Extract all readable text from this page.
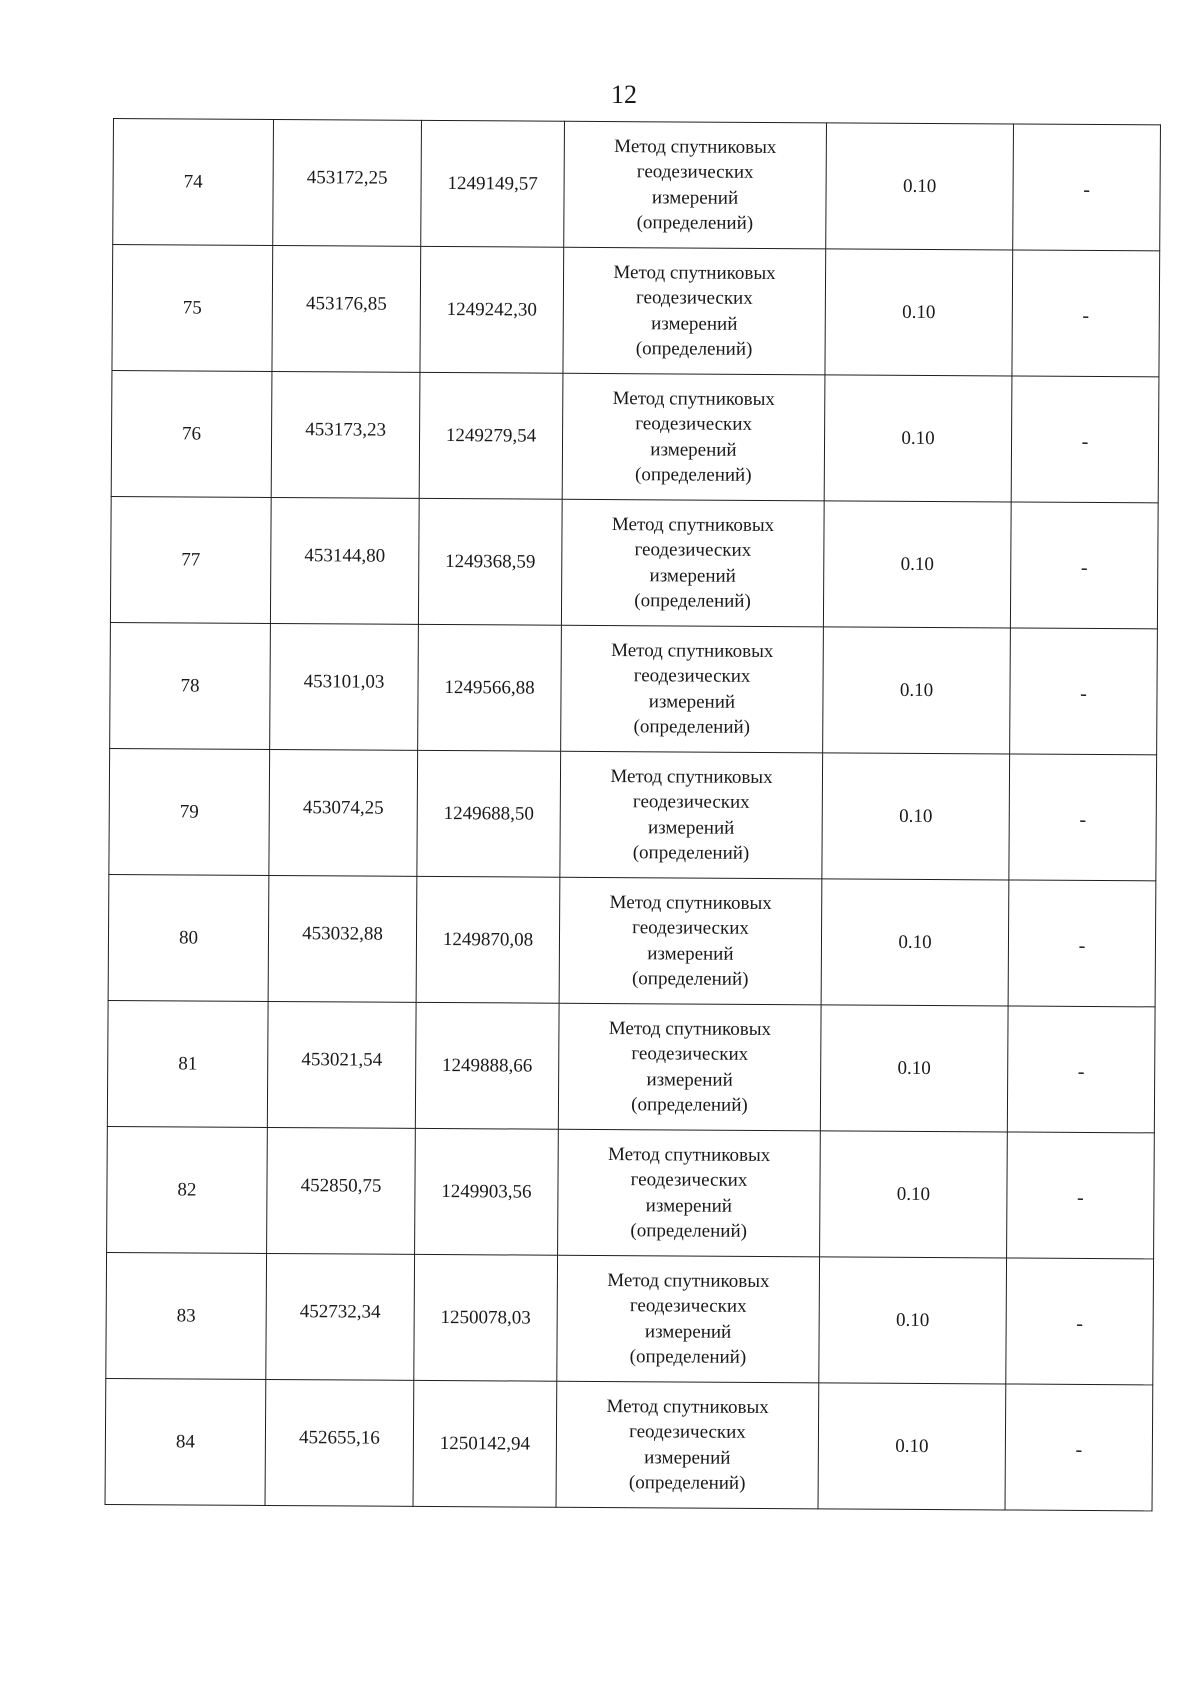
12
74	453172,25	1249149,57	Метод спутниковых
геодезических
измерений
(определений)	0.10	-
75	453176,85	1249242,30	Метод спутниковых
геодезических
измерений
(определений)	0.10	-
76	453173,23	1249279,54	Метод спутниковых
геодезических
измерений
(определений)	0.10	-
77	453144,80	1249368,59	Метод спутниковых
геодезических
измерений
(определений)	0.10	-
78	453101,03	1249566,88	Метод спутниковых
геодезических
измерений
(определений)	0.10	-
79	453074,25	1249688,50	Метод спутниковых
геодезических
измерений
(определений)	0.10	-
80	453032,88	1249870,08	Метод спутниковых
геодезических
измерений
(определений)	0.10	-
81	453021,54	1249888,66	Метод спутниковых
геодезических
измерений
(определений)	0.10	-
82	452850,75	1249903,56	Метод спутниковых
геодезических
измерений
(определений)	0.10	-
83	452732,34	1250078,03	Метод спутниковых
геодезических
измерений
(определений)	0.10	-
84	452655,16	1250142,94	Метод спутниковых
геодезических
измерений
(определений)	0.10	-
